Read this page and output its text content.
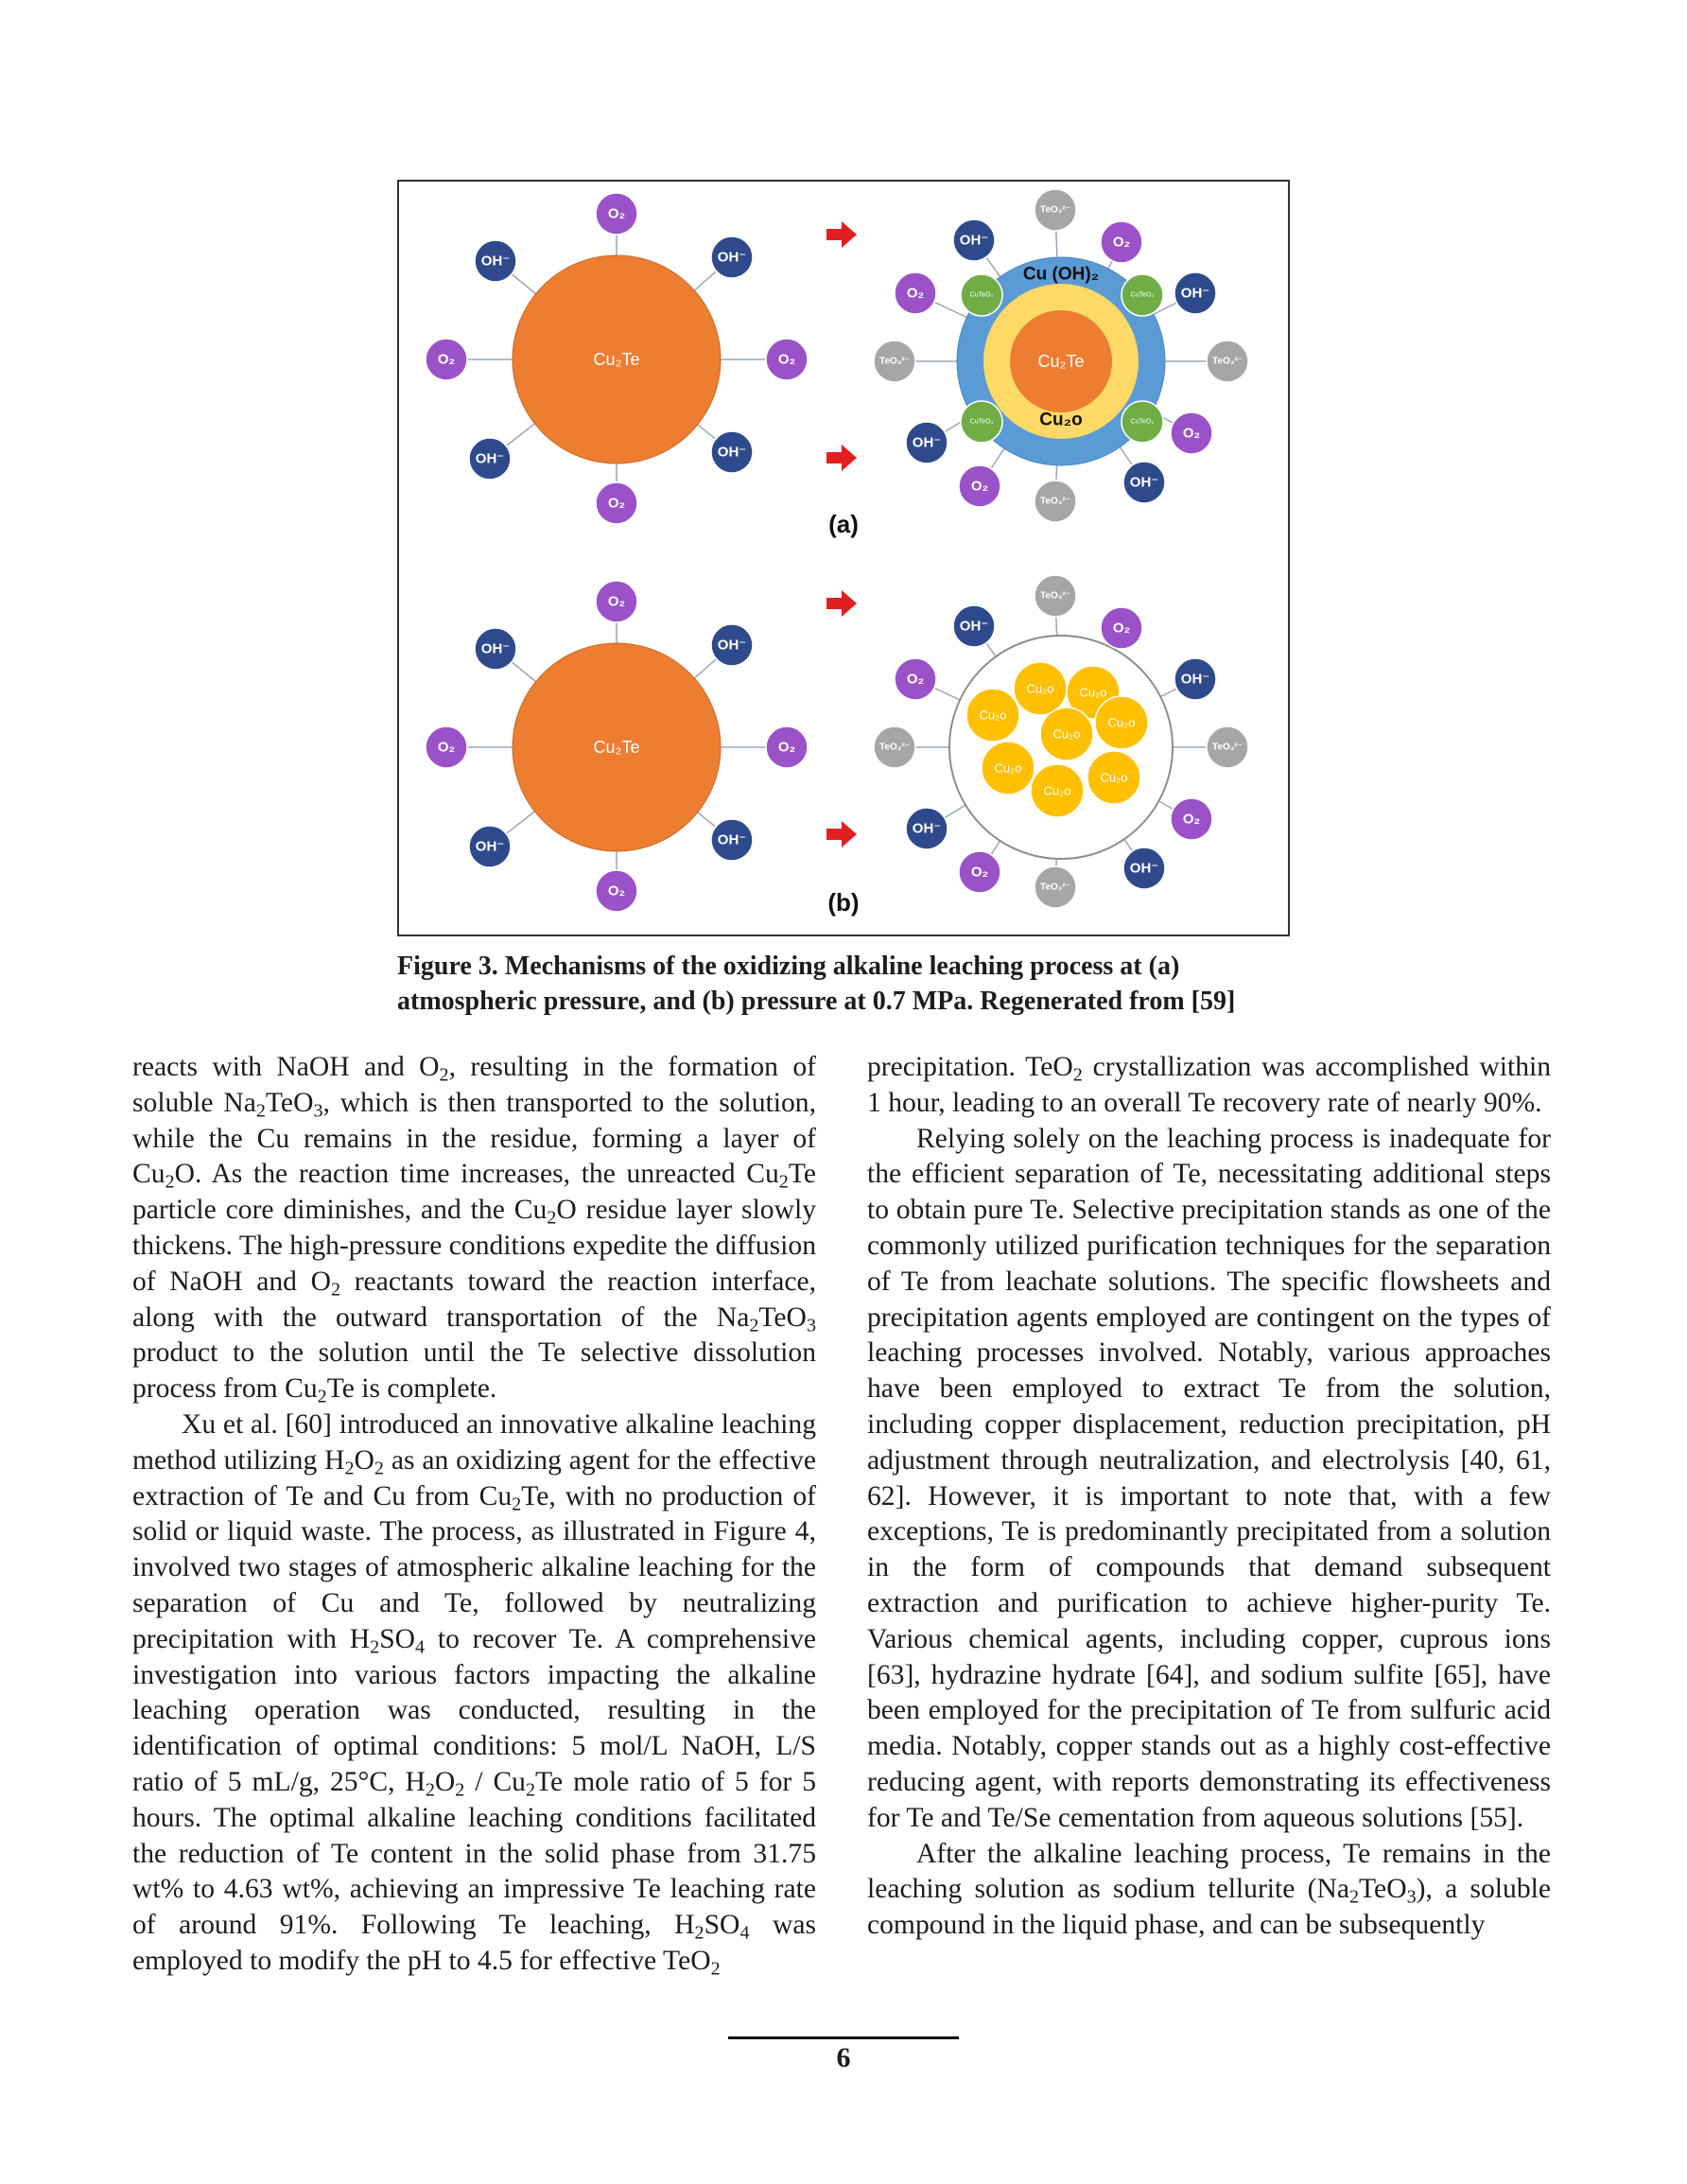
Cu₂Te
O₂
OH⁻
O₂
OH⁻
O₂
OH⁻
O₂
OH⁻
Cu₂Te
Cu (OH)₂
Cu₂o
CuTeO₃	CuTeO₃
CuTeO₃	CuTeO₃
TeO₃²⁻
OH⁻	O₂
O₂	OH⁻
TeO₃²⁻	TeO₃²⁻
OH⁻
O₂
O₂
TeO₃²⁻
OH⁻
(a)
Cu₂Te
O₂
OH⁻
O₂
OH⁻
O₂
OH⁻
O₂
OH⁻
Cu₂o Cu₂o
Cu₂o
Cu₂o
Cu₂o
Cu₂o
Cu₂o
Cu₂o
TeO₃²⁻
OH⁻	O₂
O₂	OH⁻
TeO₃²⁻	TeO₃²⁻
OH⁻
O₂
O₂
TeO₃²⁻
OH⁻
(b)
Figure 3. Mechanisms of the oxidizing alkaline leaching process at (a)
atmospheric pressure, and (b) pressure at 0.7 MPa. Regenerated from [59]

reacts with NaOH and $O_2$, resulting in the formation of soluble $Na_2TeO_3$, which is then transported to the solution, while the Cu remains in the residue, forming a layer of $Cu_2O$. As the reaction time increases, the unreacted $Cu_2Te$ particle core diminishes, and the $Cu_2O$ residue layer slowly thickens. The high-pressure conditions expedite the diffusion of NaOH and $O_2$ reactants toward the reaction interface, along with the outward transportation of the $Na_2TeO_3$ product to the solution until the Te selective dissolution process from $Cu_2Te$ is complete.

Xu et al. [60] introduced an innovative alkaline leaching method utilizing $H_2O_2$ as an oxidizing agent for the effective extraction of Te and Cu from $Cu_2Te$, with no production of solid or liquid waste. The process, as illustrated in Figure 4, involved two stages of atmospheric alkaline leaching for the separation of Cu and Te, followed by neutralizing precipitation with $H_2SO_4$ to recover Te. A comprehensive investigation into various factors impacting the alkaline leaching operation was conducted, resulting in the identification of optimal conditions: 5 mol/L NaOH, L/S ratio of 5 mL/g, 25°C, $H_2O_2 / Cu_2Te$ mole ratio of 5 for 5 hours. The optimal alkaline leaching conditions facilitated the reduction of Te content in the solid phase from 31.75 wt% to 4.63 wt%, achieving an impressive Te leaching rate of around 91%. Following Te leaching, $H_2SO_4$ was employed to modify the pH to 4.5 for effective TeO$_2$

precipitation. TeO$_2$ crystallization was accomplished within 1 hour, leading to an overall Te recovery rate of nearly 90%.

Relying solely on the leaching process is inadequate for the efficient separation of Te, necessitating additional steps to obtain pure Te. Selective precipitation stands as one of the commonly utilized purification techniques for the separation of Te from leachate solutions. The specific flowsheets and precipitation agents employed are contingent on the types of leaching processes involved. Notably, various approaches have been employed to extract Te from the solution, including copper displacement, reduction precipitation, pH adjustment through neutralization, and electrolysis [40, 61, 62]. However, it is important to note that, with a few exceptions, Te is predominantly precipitated from a solution in the form of compounds that demand subsequent extraction and purification to achieve higher-purity Te. Various chemical agents, including copper, cuprous ions [63], hydrazine hydrate [64], and sodium sulfite [65], have been employed for the precipitation of Te from sulfuric acid media. Notably, copper stands out as a highly cost-effective reducing agent, with reports demonstrating its effectiveness for Te and Te/Se cementation from aqueous solutions [55].

After the alkaline leaching process, Te remains in the leaching solution as sodium tellurite $(Na_2TeO_3)$, a soluble compound in the liquid phase, and can be subsequently

6
